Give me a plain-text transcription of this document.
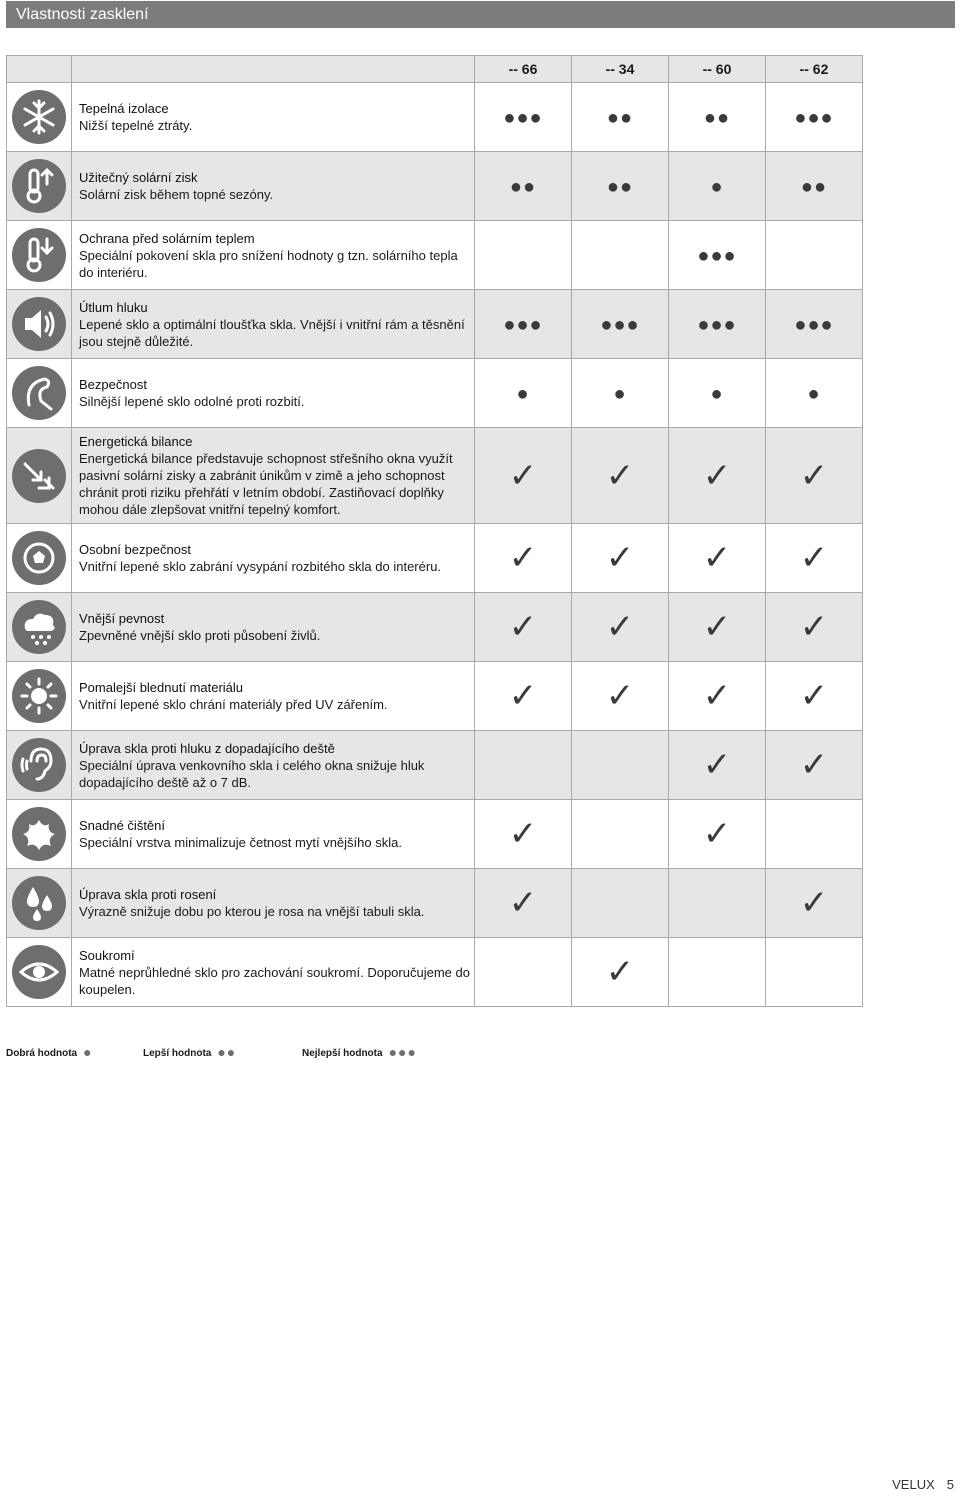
Vlastnosti zasklení
		-- 66	-- 34	-- 60	-- 62

Tepelná izolace
Nižší tepelné ztráty.	●●●	●●	●●	●●●

Užitečný solární zisk
Solární zisk během topné sezóny.	●●	●●	●	●●

Ochrana před solárním teplem
Speciální pokovení skla pro snížení hodnoty g tzn. solárního tepla do interiéru.			●●●	

Útlum hluku
Lepené sklo a optimální tloušťka skla. Vnější i vnitřní rám a těsnění jsou stejně důležité.	●●●	●●●	●●●	●●●

Bezpečnost
Silnější lepené sklo odolné proti rozbití.	●	●	●	●

Energetická bilance
Energetická bilance představuje schopnost střešního okna využít pasivní solární zisky a zabránit únikům v zimě a jeho schopnost chránit proti riziku přehřátí v letním období. Zastiňovací doplňky mohou dále zlepšovat vnitřní tepelný komfort.	✓	✓	✓	✓

Osobní bezpečnost
Vnitřní lepené sklo zabrání vysypání rozbitého skla do interéru.	✓	✓	✓	✓

Vnější pevnost
Zpevněné vnější sklo proti působení živlů.	✓	✓	✓	✓

Pomalejší blednutí materiálu
Vnitřní lepené sklo chrání materiály před UV zářením.	✓	✓	✓	✓

Úprava skla proti hluku z dopadajícího deště
Speciální úprava venkovního skla i celého okna snižuje hluk dopadajícího deště až o 7 dB.			✓	✓

Snadné čištění
Speciální vrstva minimalizuje četnost mytí vnějšího skla.	✓		✓	

Úprava skla proti rosení
Výrazně snižuje dobu po kterou je rosa na vnější tabuli skla.	✓			✓

Soukromí
Matné neprůhledné sklo pro zachování soukromí. Doporučujeme do koupelen.		✓		
Dobrá hodnota ●	Lepší hodnota ●●	Nejlepší hodnota ●●●
VELUX 5
